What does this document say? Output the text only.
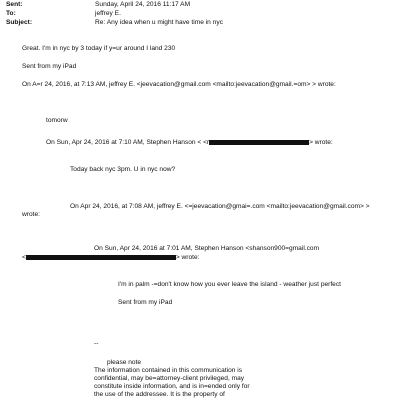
Sent:	Sunday, April 24, 2016 11:17 AM
To:	jeffrey E.
Subject:	Re: Any idea when u might have time in nyc
Great. I'm in nyc by 3 today if y=ur around I land 230
Sent from my iPad
On A=r 24, 2016, at 7:13 AM, jeffrey E. <jeevacation@gmail.com <mailto:jeevacation@gmail.=om> > wrote:
tomorw
On Sun, Apr 24, 2016 at 7:10 AM, Stephen Hanson < <r	> wrote:
Today back nyc 3pm. U in nyc now?
On Apr 24, 2016, at 7:08 AM, jeffrey E. <=jeevacation@gmai=.com <mailto:jeevacation@gmail.com> >
wrote:
On Sun, Apr 24, 2016 at 7:01 AM, Stephen Hanson <shanson900=gmail.com
<	> wrote:
I'm in palm -=don't know how you ever leave the island - weather just perfect
Sent from my iPad
--
please note
The information contained in this communication is
confidential, may be=attorney-client privileged, may
constitute inside information, and is in=ended only for
the use of the addressee. It is the property of
